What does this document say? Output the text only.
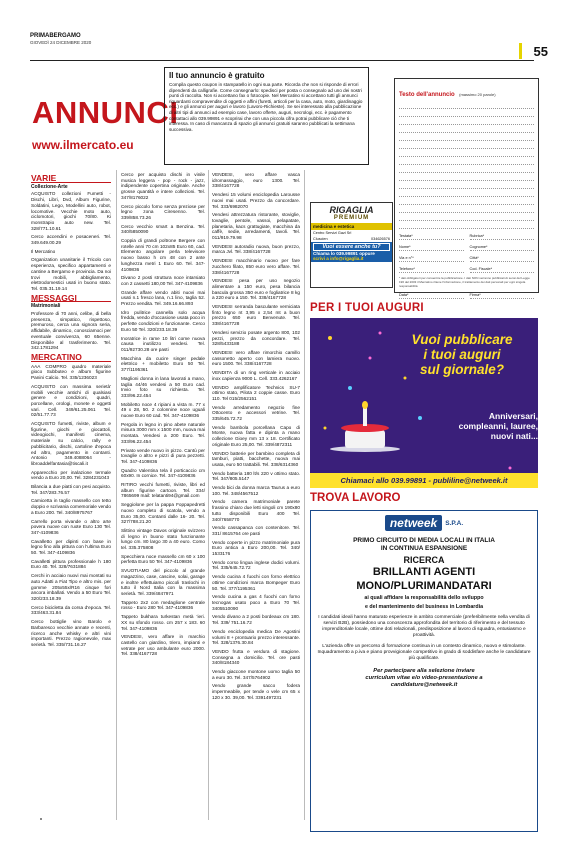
PRIMABERGAMO
GIOVEDÌ 24 DICEMBRE 2020
55
ANNUNCI
www.ilmercato.eu
Il tuo annuncio è gratuito

Compila questo coupon in stampatello in ogni sua parte. Ricorda che non si risponde di errori dipendenti da calligrafie. Come consegnarlo: spedisci per posta o consegnalo ad uno dei nostri punti di raccolta. Non si accettano fax o fotocopie. Nel Mercatino si accettano tutti gli annunci riguardanti compravendite di oggetti e affini (furetti, articoli per la casa, auto, moto, giardinaggio ecc.) e gli annunci per auguri e lavoro (Lavoro-Richieste). Se sei interessato alla pubblicazione di altri tipi di annunci ad esempio case, lavoro offerte, auguri, necrologi, ecc. è pagamento contattaci allo 039.99891 e scoprirai che con una piccola cifra potrai pubblicare ciò che ti interessa. In caso di mancanza di spazio gli annunci gratuiti saranno pubblicati la settimana successiva.

Testo dell'annuncio (massimo 20 parole)
Testata*	Rubrica*
Nome*	Cognome*
Via e n°*	Città*
Telefono*	Cod. Fiscale*
* dati obbligatori per consentire la pubblicazione. I dati NON verranno pubblicati Ai sensi del Legge 196 del 2003 il Mercatino ritiene l'informazione, il trattamento dei dati personali per ogni singola responsabilità
Data*	Firma*
VARIE
Collezione-Arte

ACQUISTO collezioni Fumetti - Dischi, Libri, Dvd, Album Figurine, Soldatini, Lego, Modellini auto, robot, locomotive. Vecchie moto auto, ciclomotori, giochi 70/80. Ki monstrapio auto new. Tel. 328/771.10.61

Cerco accendini e posaceneri. Tel. 349.649.00.29

Il Mercatino

Organization unanitarie il Tricolo con esperienza, specifico appartamenti e cantine a Bergamo e provincia. Da noi trovi mobili, abbigliamento, elettrodomestici usati in buono stato. Tel. 035.31.19.14

MESSAGGI
Matrimoniali

Professore di 70 anni, celibe, di bella presenza, simpatico, rispettoso, premuroso, cerca una signora seria, affidabile, dinamico, conosciamoci per eventuale convivenza, 60 65enne. Disponibile al trasferimento. Tel. 342.1781294

MERCATINO

AAA COMPRO quadro materiale gioco Subbuteo e album figurine Panini Calcio. Tel. 335/1236023

ACQUISTO con massima serietà' mobili vecchie antichi di qualsiasi genere e condizioni, quadri, porcellane, orologi, monete e oggetti vari. Cell. 349/61.25.061 Tel. 02/51.77.73

ACQUISTO fumetti, riviste, album e figurine, giochi e giocattoli, videogiochi, manifesti cinema, materiale su calcio, rally e pubblicitario, dischi, cartoline d'epoca ed altro, pagamento in contanti. Antonio 349.4088064 - libroaddelfantasia@tiscali.it

Apparecchio per inalazione termale vendo a Euro 20,00. Tel. 3284231043

Bilancia a due piatti con pesi acquisto. Tel. 347/283.76.57

Camicetta in taglio massello con tetto doppio e scrivania comemoriale vendo a Euro 200. Tel. 340/8975767

Carrello porta vivande o altro arte povera nuove con ruote Euro 130 Tel. 347-4109836

Cavalletto per dipinti con base in legno fino alla pittura con l'ultima Euro 50. Tel. 347-4109836

Cavalletti pittura professionale h 180 Euro 40. Tel. 328/7631884

Cerchi in acciaio nuovi mai montati su auto Adatti a Fiat Tipo e altro mis. per gomme 205x55x/R16 cinque fori ancora imballati. Vendo a 50 Euro Tel. 320/233.18.39

Cerco bicicletta da corsa d'epoca. Tel. 333/463.31.84

Cerco bottiglie vino Barolo e Barbaresco vecchie annate e recenti, ricerco anche whisky e altri vini importanti. Prezzo ragionevole, max serietà. Tel. 335/731.16.27

Cerco per acquisto dischi in vinile musica leggera - pop - rock - jazz, indipendente copertina originale. Anche grosse quantità e intere collezioni. Tel. 347/8176022

Cerco piccolo forno senza preziose per legno zona Ciresenno. Tel. 339/858.73.26

Cerco vecchio smart a Benzina. Tel. 340/5850090

Coppia di grandi poltrone Bergere con rotelle anni 70 cm 102x85 Euro 60, cad. Elemento angolare perla televisore nuovo basso h cm 48 con 2 ante lunghezza metri 1 Euro 60. Tel. 347-4109836

Divano 2 posti struttura noce intarsiato con 2 cassetti 180,00 Tel. 347-4109836

Grande affare vendo abiti nuovi mai usati n.1 fresco lana, n.1 lino, taglia 52. Prezzo vendita. Tel. 349.16.66.893

Idro pulitrice cannella solo acqua fredda, vendo d'occasione usata poco in perfette condizioni e funzionante. Cerco Euro 50 Tel. 320/233.18.39

Inoratrice in rame 10 litri come nuova causa inutilizzo vendesi. Tel. 011/92730.28 ore pasti

Macchina da cucire singer pedale elettrico + mobiletto Euro 50 Tel. 377/1195361

Maglioni donna in lana lavorati a mano, taglia 44/46 vendesi a 50 Euro cad. Invio foto su richiesta. Tel. 333/96.22.454

Mobiletto noce 4 ripiani a vista m. 77 x 49 x 28, 50. 2 colonnine noce uguali nuove Euro 60 cad. Tel. 347-4109836

Pergola in legno in pino abete naturale misura 3000 mm x 1500 mm, nuova mai montata. Vendesi a 200 Euro. Tel. 333/96.22.454

Privato vende nuovo in pizzo. Cantù per tovaglie o altro e pizzi di pura pezzetti. Tel. 347-4109836

Quadro Valentina tela il porticaccio cm 60x90. In cornice. Tel. 347-4109836

RITIRO vecchi fumetti, riviste, libri ed album figurine cartoon. Tel. 334/ 7865699 mail: telatanti94@gmail.com

Seggiolone per la pappa Foppapedretti nuovo completo di scatola, vendo a Euro 35,00. Contanti dalle 16- 20. Tel. 327/788.21.20

Slittino vintage Davos originale svizzero di legno in buono stato funzionante lungo cm. 80 largo 30 a 40 euro. Como tel. 335.375808

Specchiera noce massello cm 60 x 100 perfetta Euro 50 Tel. 347-4109836

SVUOTIAMO del piccolo al grande magazzino, case, cascine, solai, garage e inoltre effettuiamo piccoli traslochi in tutto il Nord Italia con la massima serietà. Tel. 339/4847971

Tappeto 2x2 con medaglione centrale rosso - Euro 280 Tel. 347-4109836

Tappeto bukhara turkestan metà 'ieri. XX su sfondo rosso. cm 257 x 183. 60 Tel. 347-4109836

VENDESI, vero affare in marchio castello con giardino, triero, impianti e vetrate per uso ambulante euro 2000. Tel. 338/4167728

VENDESI, vero affare vasca idromassaggio, euro 1300. Tel. 338/4167728

Vendesi 15 volumi enciclopedia Larousse nuovi mai usati. Prezzo da concordare. Tel. 333/6982070

Vendesi attrezzatura ristorante, stoviglie, tovaglie, pentole, vassoi, pelapatate, planetaria, kacs grattugiate, macchina da caffè, sedie, arredamenti, tavoli. Tel. 011/919.79.98

VENDESI autoradio nuova, buon prezzo, marca Jvl. Tel. 338/4167728

VENDESI macchinario nuovo per fare zucchero filato, 850 euro vero affare. Tel. 338/4167728

VENDESI pesa per uso negozio alimentare a 150 euro, pesa bilancia bascula grossa 350 euro e fogliatrice 8 kg a 220 euro a 150. Tel. 338/4167728

VENDESI serranda basculante verniciata finto legno nt 3,95 x 2,54 mt a buon prezzo 650 euro Benvenute. Tel. 338/4167728

Vendesi servizio posate argento 800, 102 pezzi, prezzo da concordare. Tel. 328/5433188

VENDESI vero affare rimorchio camillo cassonetto aperto con lamiera nuovo. euro 1500. Tel. 338/4167728

VENDITA di un ring verticale in acciaio inox capienza 9000 L. Cell. 333.4262167

VENDO amplificatore Technics SU-7 ottimo stato, Pilota 2 coppie casse. Euro 110. Tel 015/2562151

Vendo arredamento negozio fine Ottocento e accessori vetrine. Tel. 335/645.72.72

Vendo bambola porcellana Capo di Monte, nuova fatta e dipinta a mano collezione Gioey mm 13 x 18. Certificato originale Euro 25,00. Tel. 339/4872311

VENDO batterie per bambino completa di tamburi, piatti, bacchette, nuova mai usata, euro 50 trattabili. Tel. 338/6314360

Vendo batteria 180 lt/s 220 v ottimo stato. Tel. 347/805.5147

Vendo bici da donna marca Taurus a euro 100. Tel. 348/4567512

Vendo camera matrimoniale parete frassino chiaro due letti singoli cm 190x80 tutto disponibili Euro 400 Tel. 340/7658770

Vendo cassapanca con contenitore. Tel. 331/ 8615764 ore pasti

Vendo coperte in pizzo matrimoniale pura Euro antica a Euro 200,00. Tel. 340/ 1533176

Vendo corso lingua inglese dodici volumi. Tel. 335/645.72.72

Vendo cucina 4 fuochi con forno elettrico ottime condizioni marca Bompeger Euro 50. Tel. 377/1195361

Vendo cucina a gas 4 fuochi con forno tecnogas usato poco a Euro 70 Tel. 3405510090

Vendo divano a 2 posti bordeaux cm 180. Tel. 339/ 751.16.72

Vendo enciclopedia medica De Agostini volumi 8 + prontuario prezzo interessante. Tel. 328/1376.30.84

VENDO frutta e verdura di stagione. Consegna a domicilio. Tel. ore pasti 340/8184340

Vendo giaccone montone uomo taglia 50 a euro 30. Tel. 347/5764902

Vendo grande sacco fodera impermeabile, per tende o vele cm 65 x 120 x 30. 39,00. Tel. 3391497231

RIGAGLIA
PREMIUM
medicina e estetica
Centro Servizi Gazi Srl
Cluscien	034626576
Vuoi essere anche tu?
Chiama lo 039.99891 oppure
scrivi a info@rigaglia.it
PER I TUOI AUGURI
Vuoi pubblicare
i tuoi auguri
sul giornale?
Anniversari,
compleanni, lauree,
nuovi nati...
Chiamaci allo 039.99891 - publiline@netweek.it
TROVA LAVORO
netweek	S.P.A.
PRIMO CIRCUITO DI MEDIA LOCALI IN ITALIA
IN CONTINUA ESPANSIONE
RICERCA
BRILLANTI AGENTI
MONO/PLURIMANDATARI
ai quali affidare la responsabilità dello sviluppo
e del mantenimento del business in Lombardia
I candidati ideali hanno maturato esperienze in ambito commerciale (preferibilmente nella vendita di servizi B2B), possiedono una conoscenza approfondita del territorio di riferimento e del tessuto imprenditoriale locale, ottime doti relazionali, predisposizione al lavoro di squadra, entusiasmo e proattività.
L'azienda offre un percorso di formazione continua in un contesto dinamico, nuovo e stimolante. Inquadramento a p.iva e piano provvigionale competitivo in grado di soddisfare anche le candidature più qualificate.
Per partecipare alla selezione inviare
curriculum vitae e/o video-presentazione a
candidature@netweek.it
